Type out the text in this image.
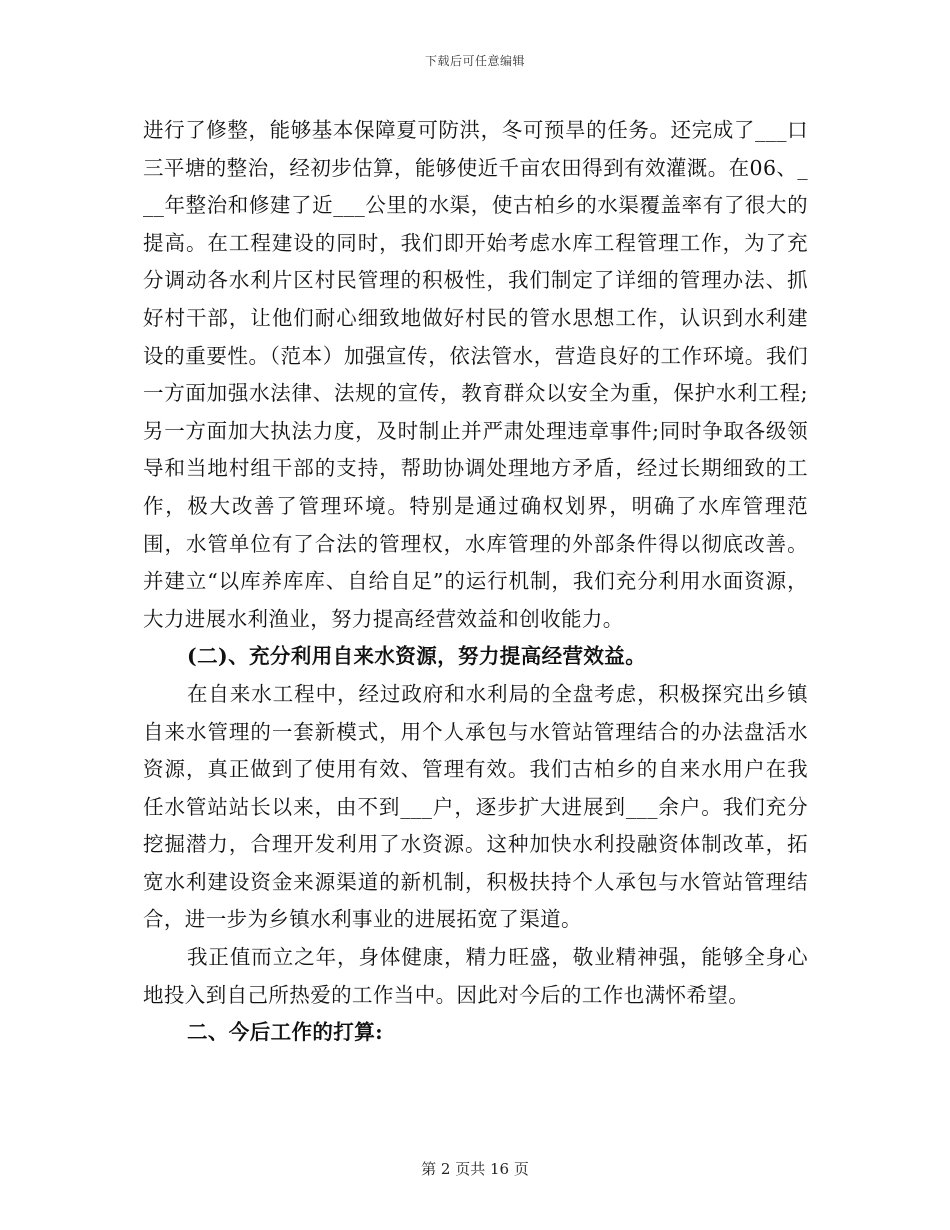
下载后可任意编辑

进行了修整，能够基本保障夏可防洪，冬可预旱的任务。还完成了___口三平塘的整治，经初步估算，能够使近千亩农田得到有效灌溉。在06、___年整治和修建了近___公里的水渠，使古柏乡的水渠覆盖率有了很大的提高。在工程建设的同时，我们即开始考虑水库工程管理工作，为了充分调动各水利片区村民管理的积极性，我们制定了详细的管理办法、抓好村干部，让他们耐心细致地做好村民的管水思想工作，认识到水利建设的重要性。（范本）加强宣传，依法管水，营造良好的工作环境。我们一方面加强水法律、法规的宣传，教育群众以安全为重，保护水利工程;另一方面加大执法力度，及时制止并严肃处理违章事件;同时争取各级领导和当地村组干部的支持，帮助协调处理地方矛盾，经过长期细致的工作，极大改善了管理环境。特别是通过确权划界，明确了水库管理范围，水管单位有了合法的管理权，水库管理的外部条件得以彻底改善。并建立“以库养库库、自给自足”的运行机制，我们充分利用水面资源，大力进展水利渔业，努力提高经营效益和创收能力。

(二)、充分利用自来水资源，努力提高经营效益。

在自来水工程中，经过政府和水利局的全盘考虑，积极探究出乡镇自来水管理的一套新模式，用个人承包与水管站管理结合的办法盘活水资源，真正做到了使用有效、管理有效。我们古柏乡的自来水用户在我任水管站站长以来，由不到___户，逐步扩大进展到___余户。我们充分挖掘潜力，合理开发利用了水资源。这种加快水利投融资体制改革，拓宽水利建设资金来源渠道的新机制，积极扶持个人承包与水管站管理结合，进一步为乡镇水利事业的进展拓宽了渠道。

我正值而立之年，身体健康，精力旺盛，敬业精神强，能够全身心地投入到自己所热爱的工作当中。因此对今后的工作也满怀希望。

二、今后工作的打算:

第 2 页共 16 页
